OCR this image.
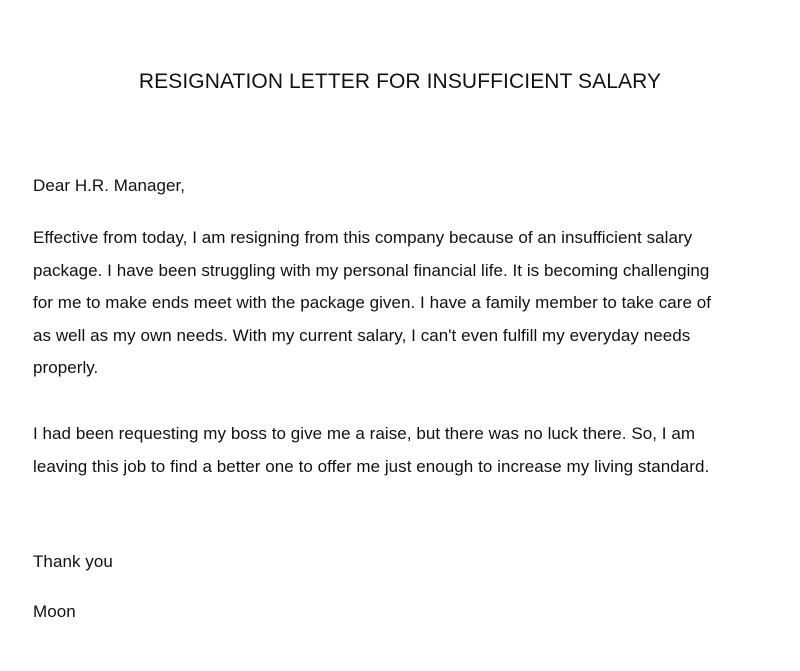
RESIGNATION LETTER FOR INSUFFICIENT SALARY
Dear H.R. Manager,
Effective from today, I am resigning from this company because of an insufficient salary
package. I have been struggling with my personal financial life. It is becoming challenging
for me to make ends meet with the package given. I have a family member to take care of
as well as my own needs. With my current salary, I can't even fulfill my everyday needs
properly.
I had been requesting my boss to give me a raise, but there was no luck there. So, I am
leaving this job to find a better one to offer me just enough to increase my living standard.
Thank you
Moon
